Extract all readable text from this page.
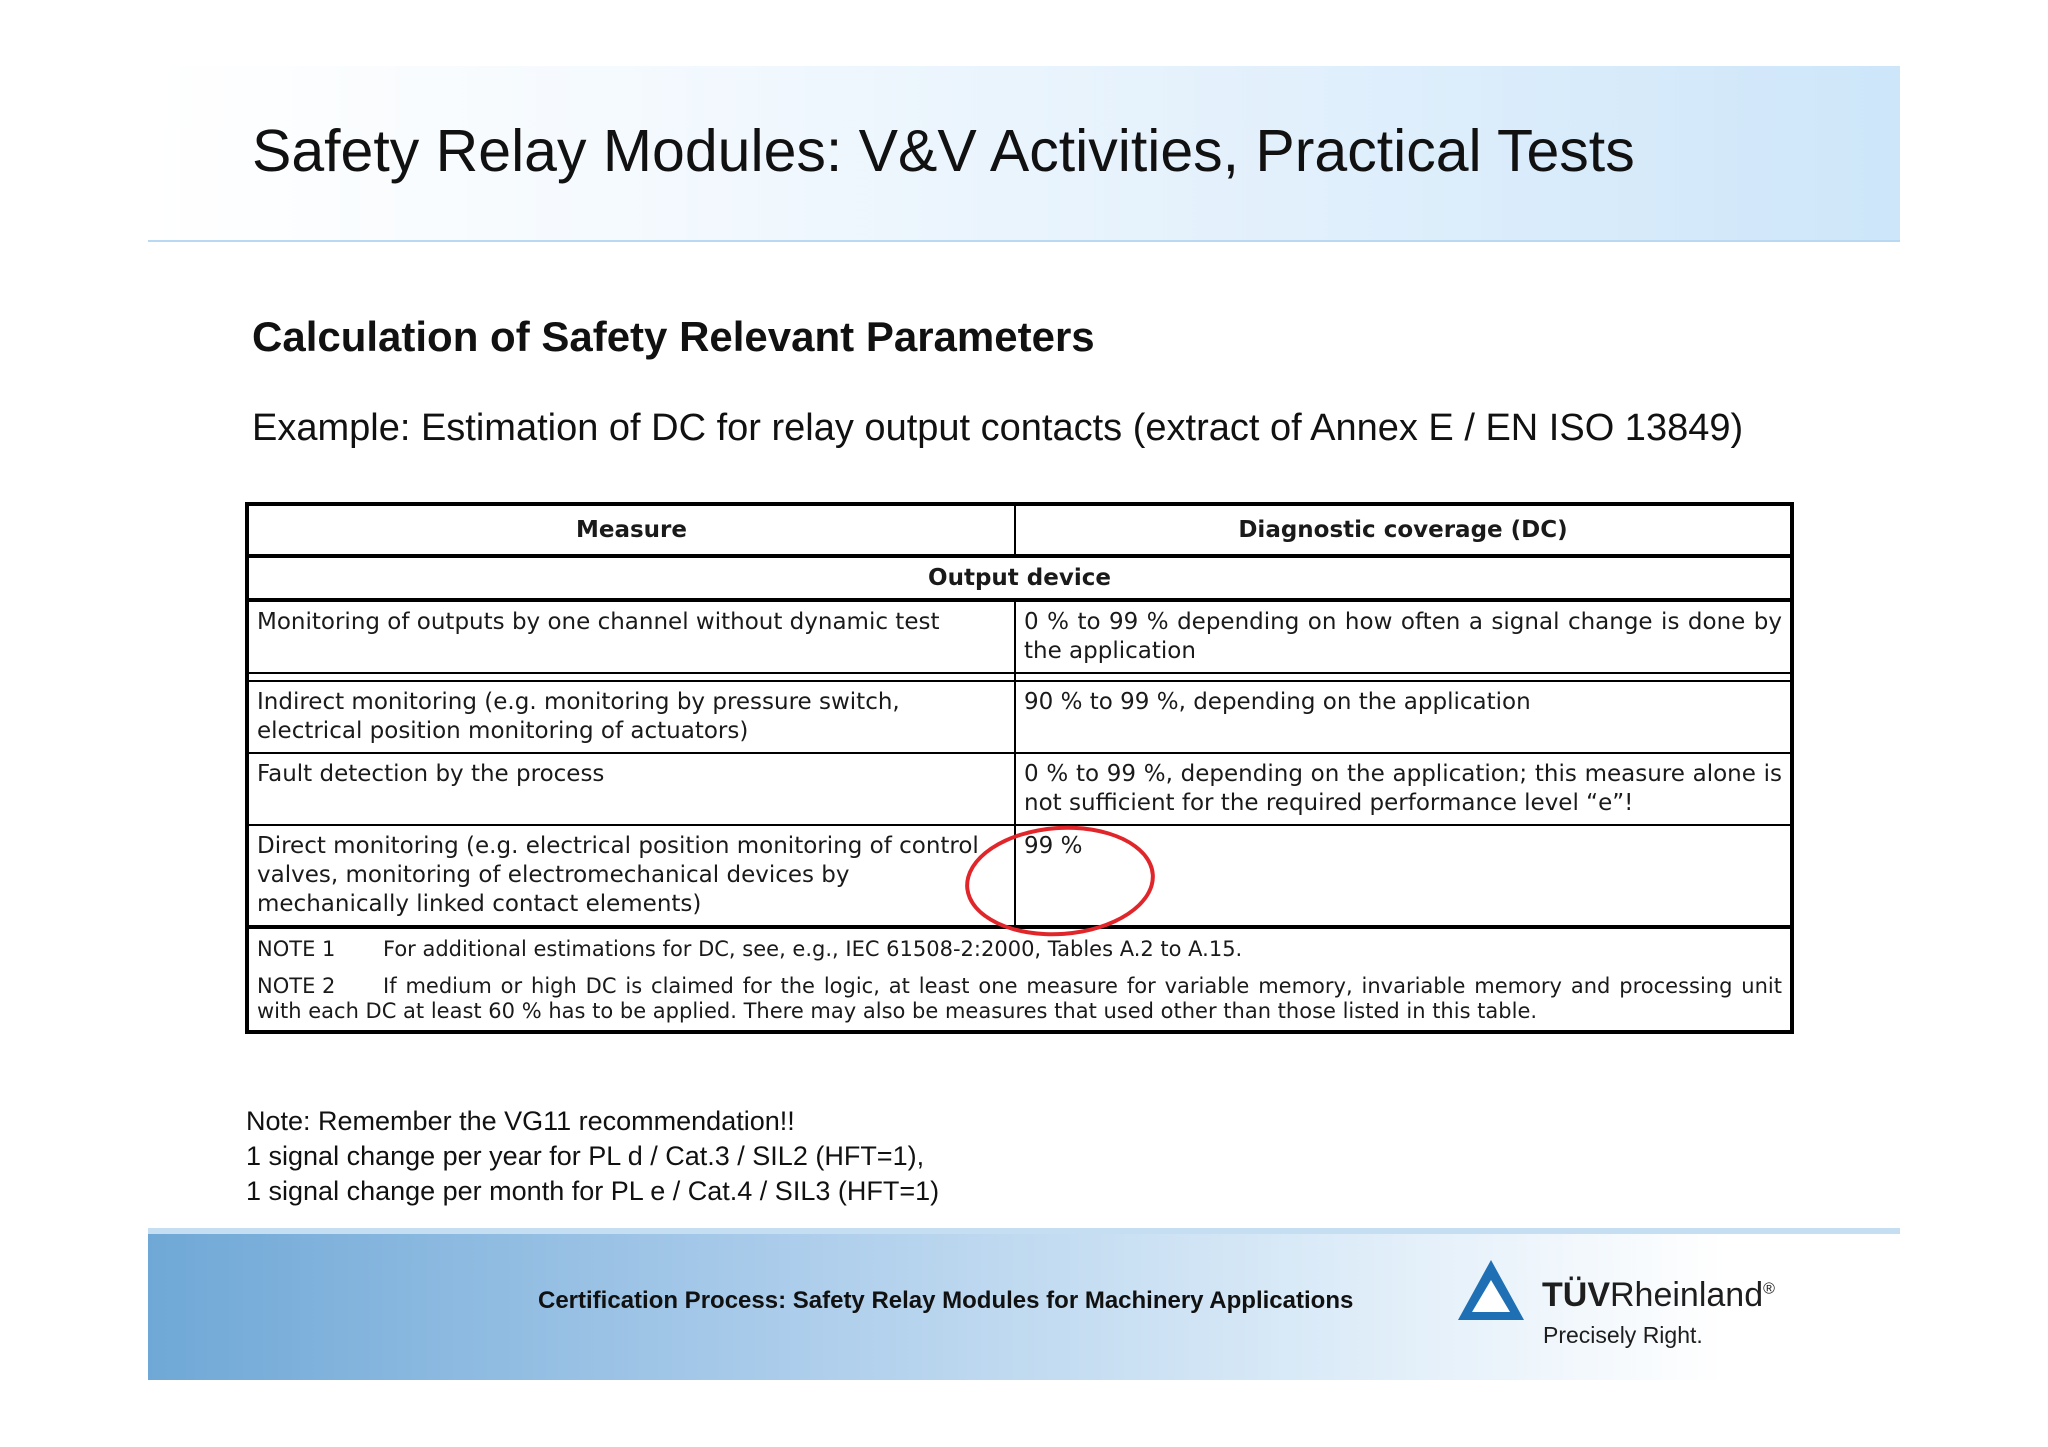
Safety Relay Modules: V&V Activities, Practical Tests
Calculation of Safety Relevant Parameters
Example: Estimation of DC for relay output contacts (extract of Annex E / EN ISO 13849)
Measure	Diagnostic coverage (DC)
Output device	
Monitoring of outputs by one channel without dynamic test	0 % to 99 % depending on how often a signal change is done by the application

Indirect monitoring (e.g. monitoring by pressure switch, electrical position monitoring of actuators)	90 % to 99 %, depending on the application
Fault detection by the process	0 % to 99 %, depending on the application; this measure alone is not sufficient for the required performance level “e”!
Direct monitoring (e.g. electrical position monitoring of control valves, monitoring of electromechanical devices by mechanically linked contact elements)	99 %

NOTE 1 For additional estimations for DC, see, e.g., IEC 61508-2:2000, Tables A.2 to A.15.
NOTE 2 If medium or high DC is claimed for the logic, at least one measure for variable memory, invariable memory and processing unit with each DC at least 60 % has to be applied. There may also be measures that used other than those listed in this table.	
Note: Remember the VG11 recommendation!!
1 signal change per year for PL d / Cat.3 / SIL2 (HFT=1),
1 signal change per month for PL e / Cat.4 / SIL3 (HFT=1)
Certification Process: Safety Relay Modules for Machinery Applications	TÜVRheinland®
Precisely Right.
